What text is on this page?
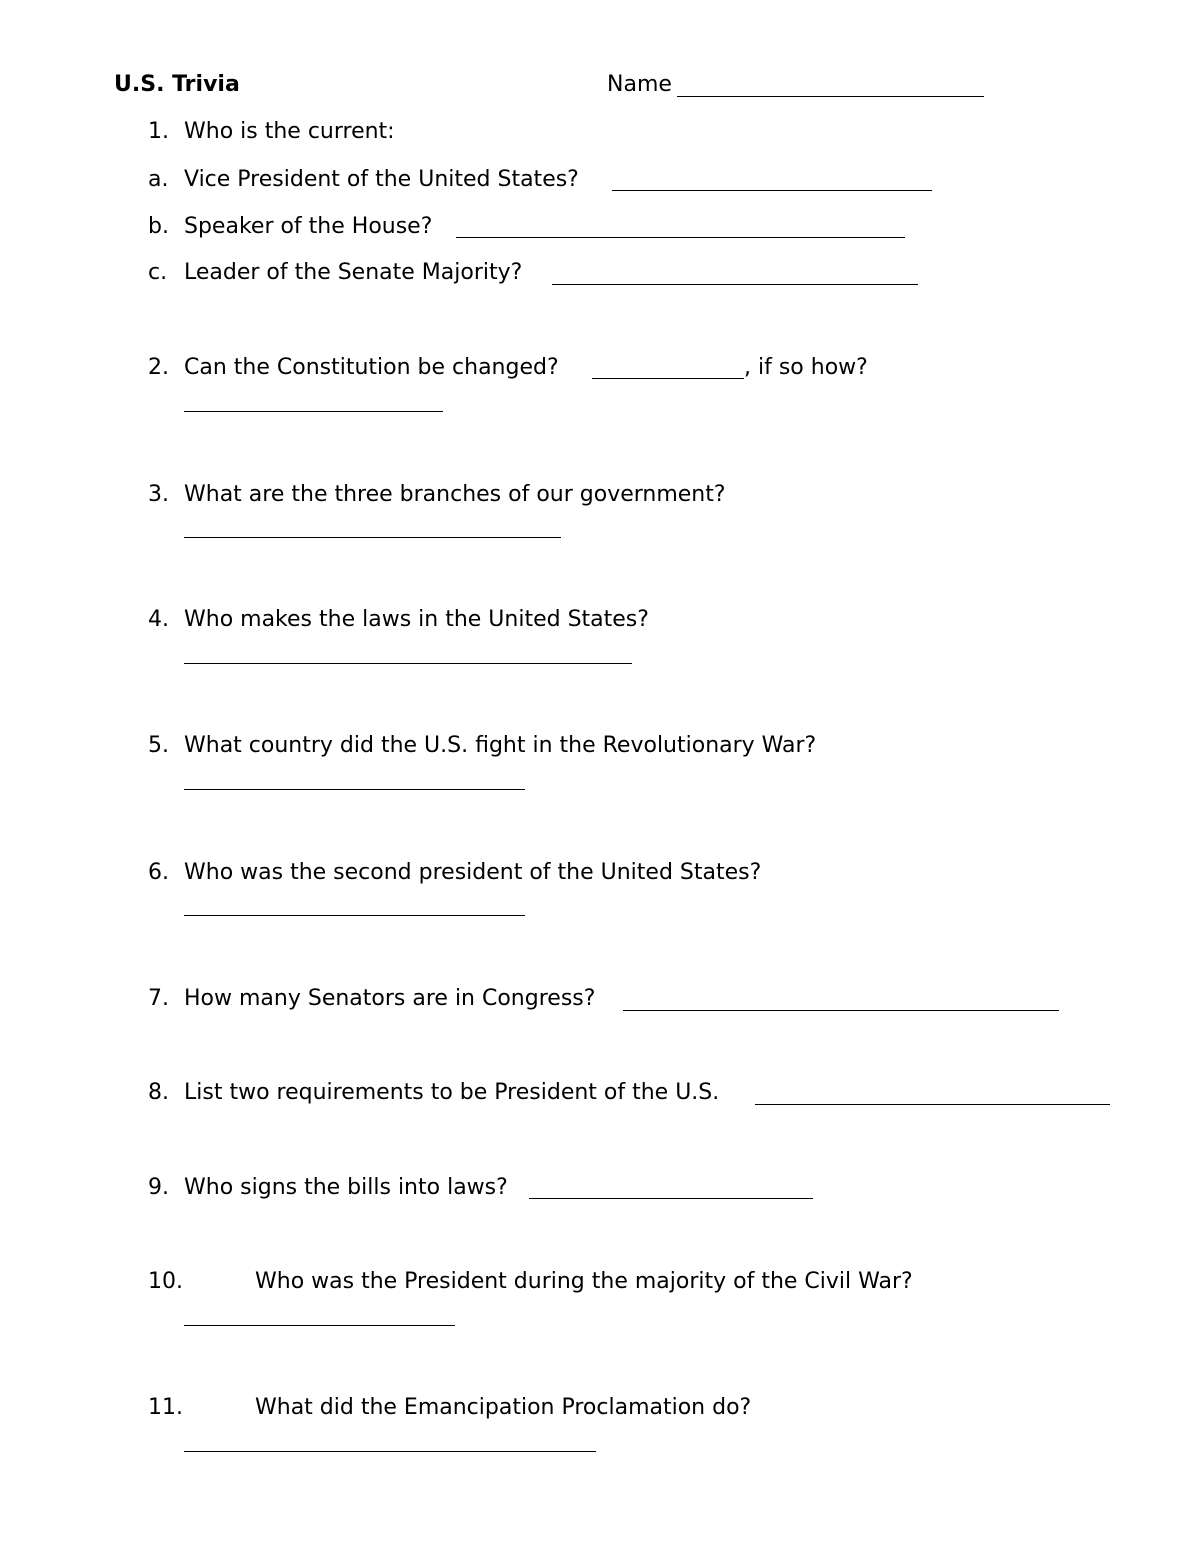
U.S. Trivia	Name
1. Who is the current:
a. Vice President of the United States?
b. Speaker of the House?
c. Leader of the Senate Majority?
2. Can the Constitution be changed?	, if so how?
3. What are the three branches of our government?
4. Who makes the laws in the United States?
5. What country did the U.S. fight in the Revolutionary War?
6. Who was the second president of the United States?
7. How many Senators are in Congress?
8. List two requirements to be President of the U.S.
9. Who signs the bills into laws?
10.	Who was the President during the majority of the Civil War?
11.	What did the Emancipation Proclamation do?
